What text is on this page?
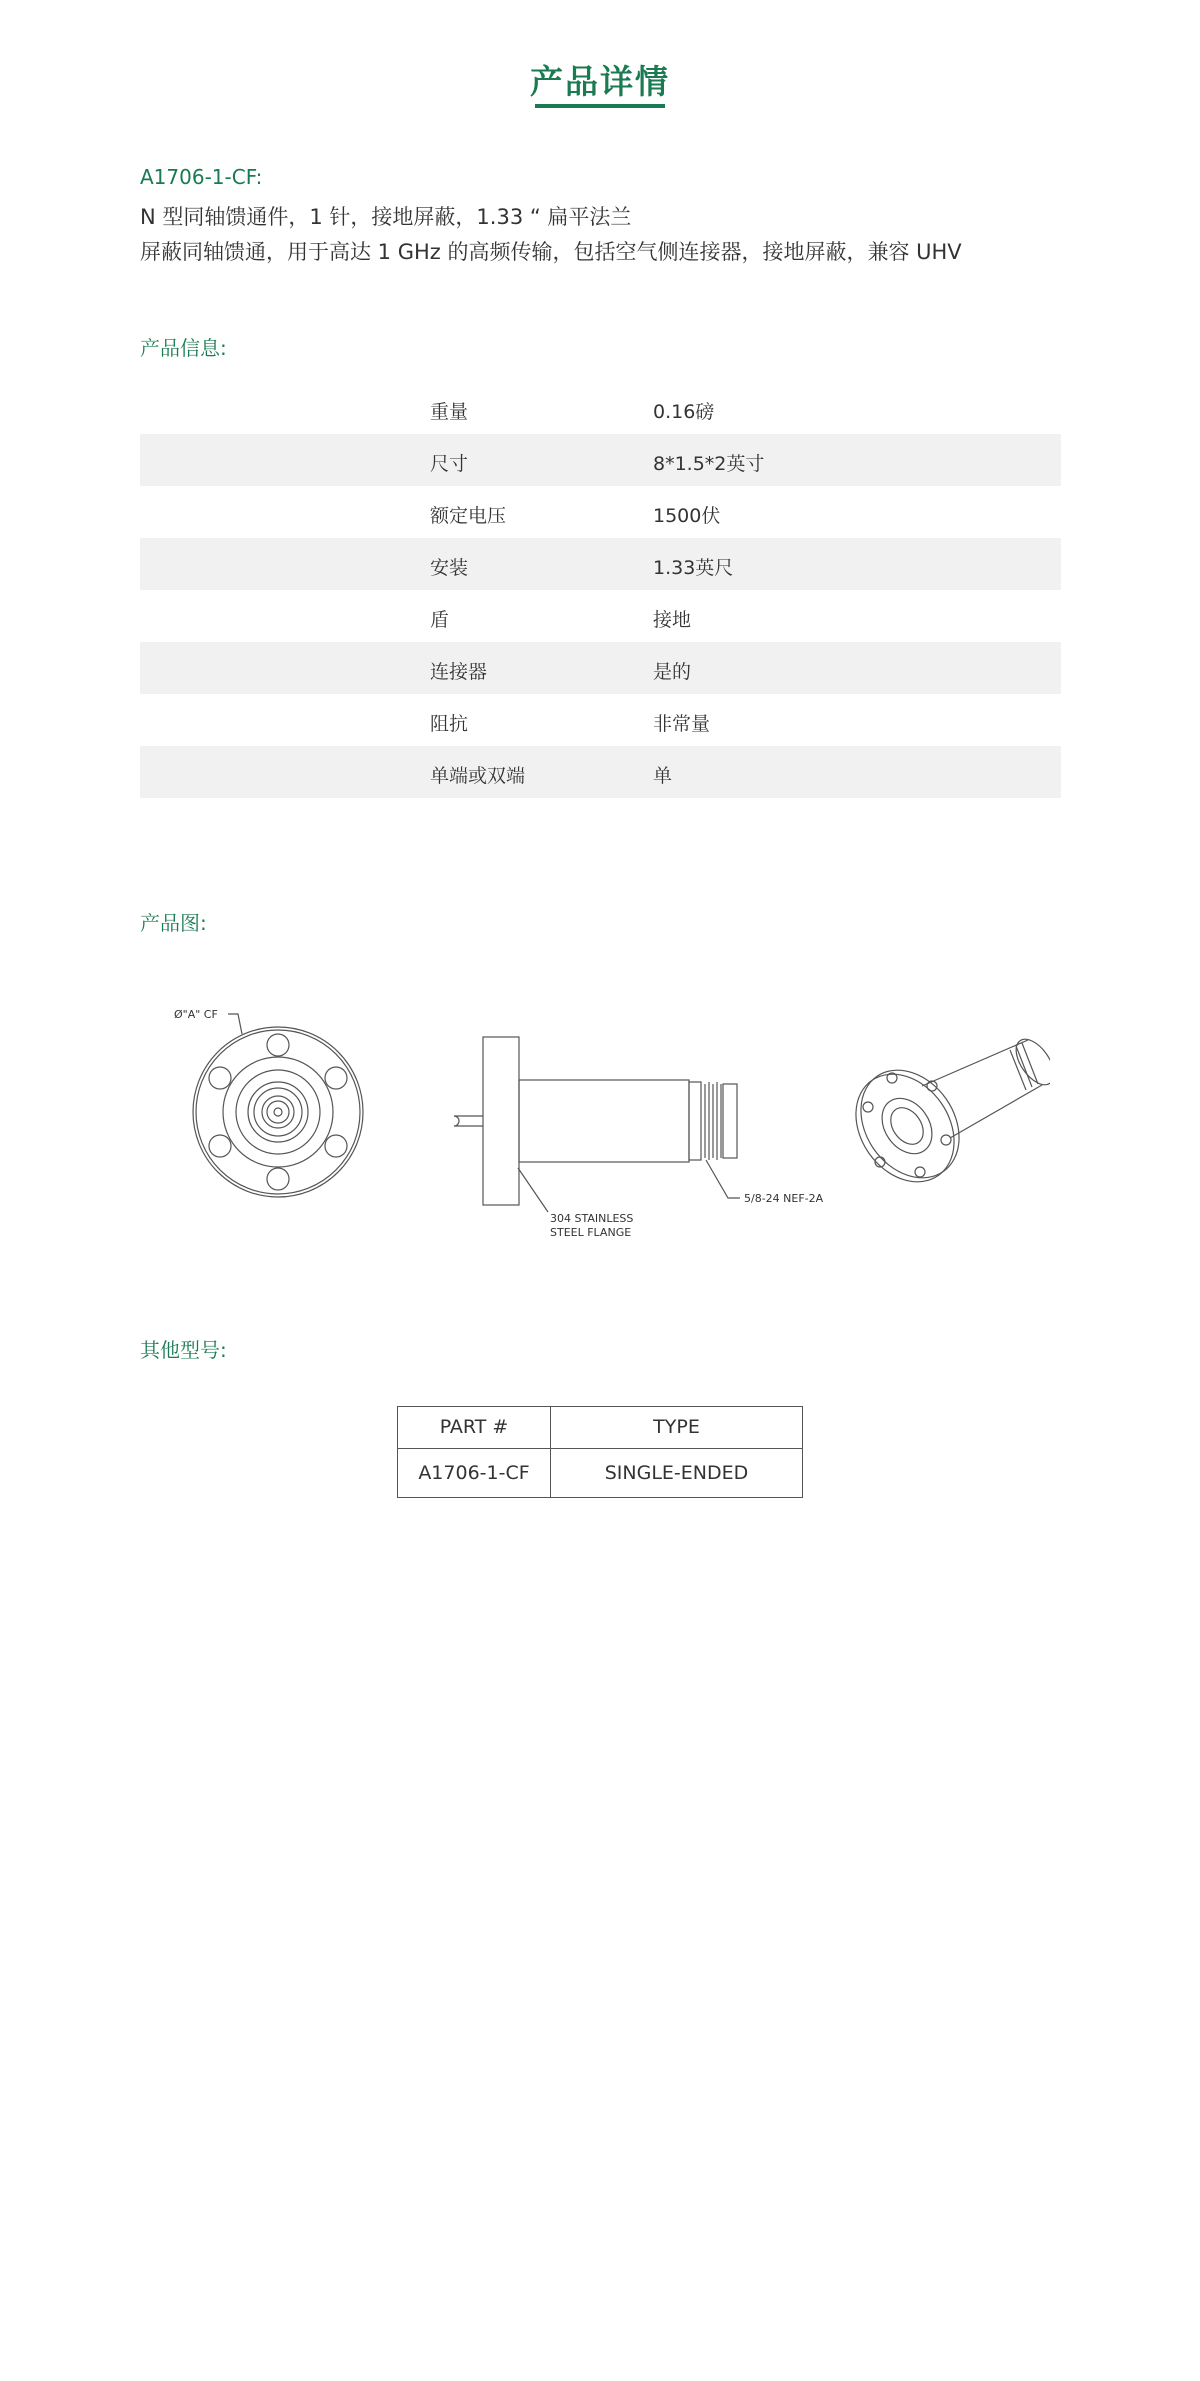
产品详情
A1706-1-CF:
N 型同轴馈通件，1 针，接地屏蔽，1.33 “ 扁平法兰
屏蔽同轴馈通，用于高达 1 GHz 的高频传输，包括空气侧连接器，接地屏蔽，兼容 UHV
产品信息:
重量	0.16磅
尺寸	8*1.5*2英寸
额定电压	1500伏
安装	1.33英尺
盾	接地
连接器	是的
阻抗	非常量
单端或双端	单
产品图:
Ø"A" CF
304 STAINLESS
STEEL FLANGE
5/8-24 NEF-2A
其他型号:
PART #	TYPE
A1706-1-CF	SINGLE-ENDED
